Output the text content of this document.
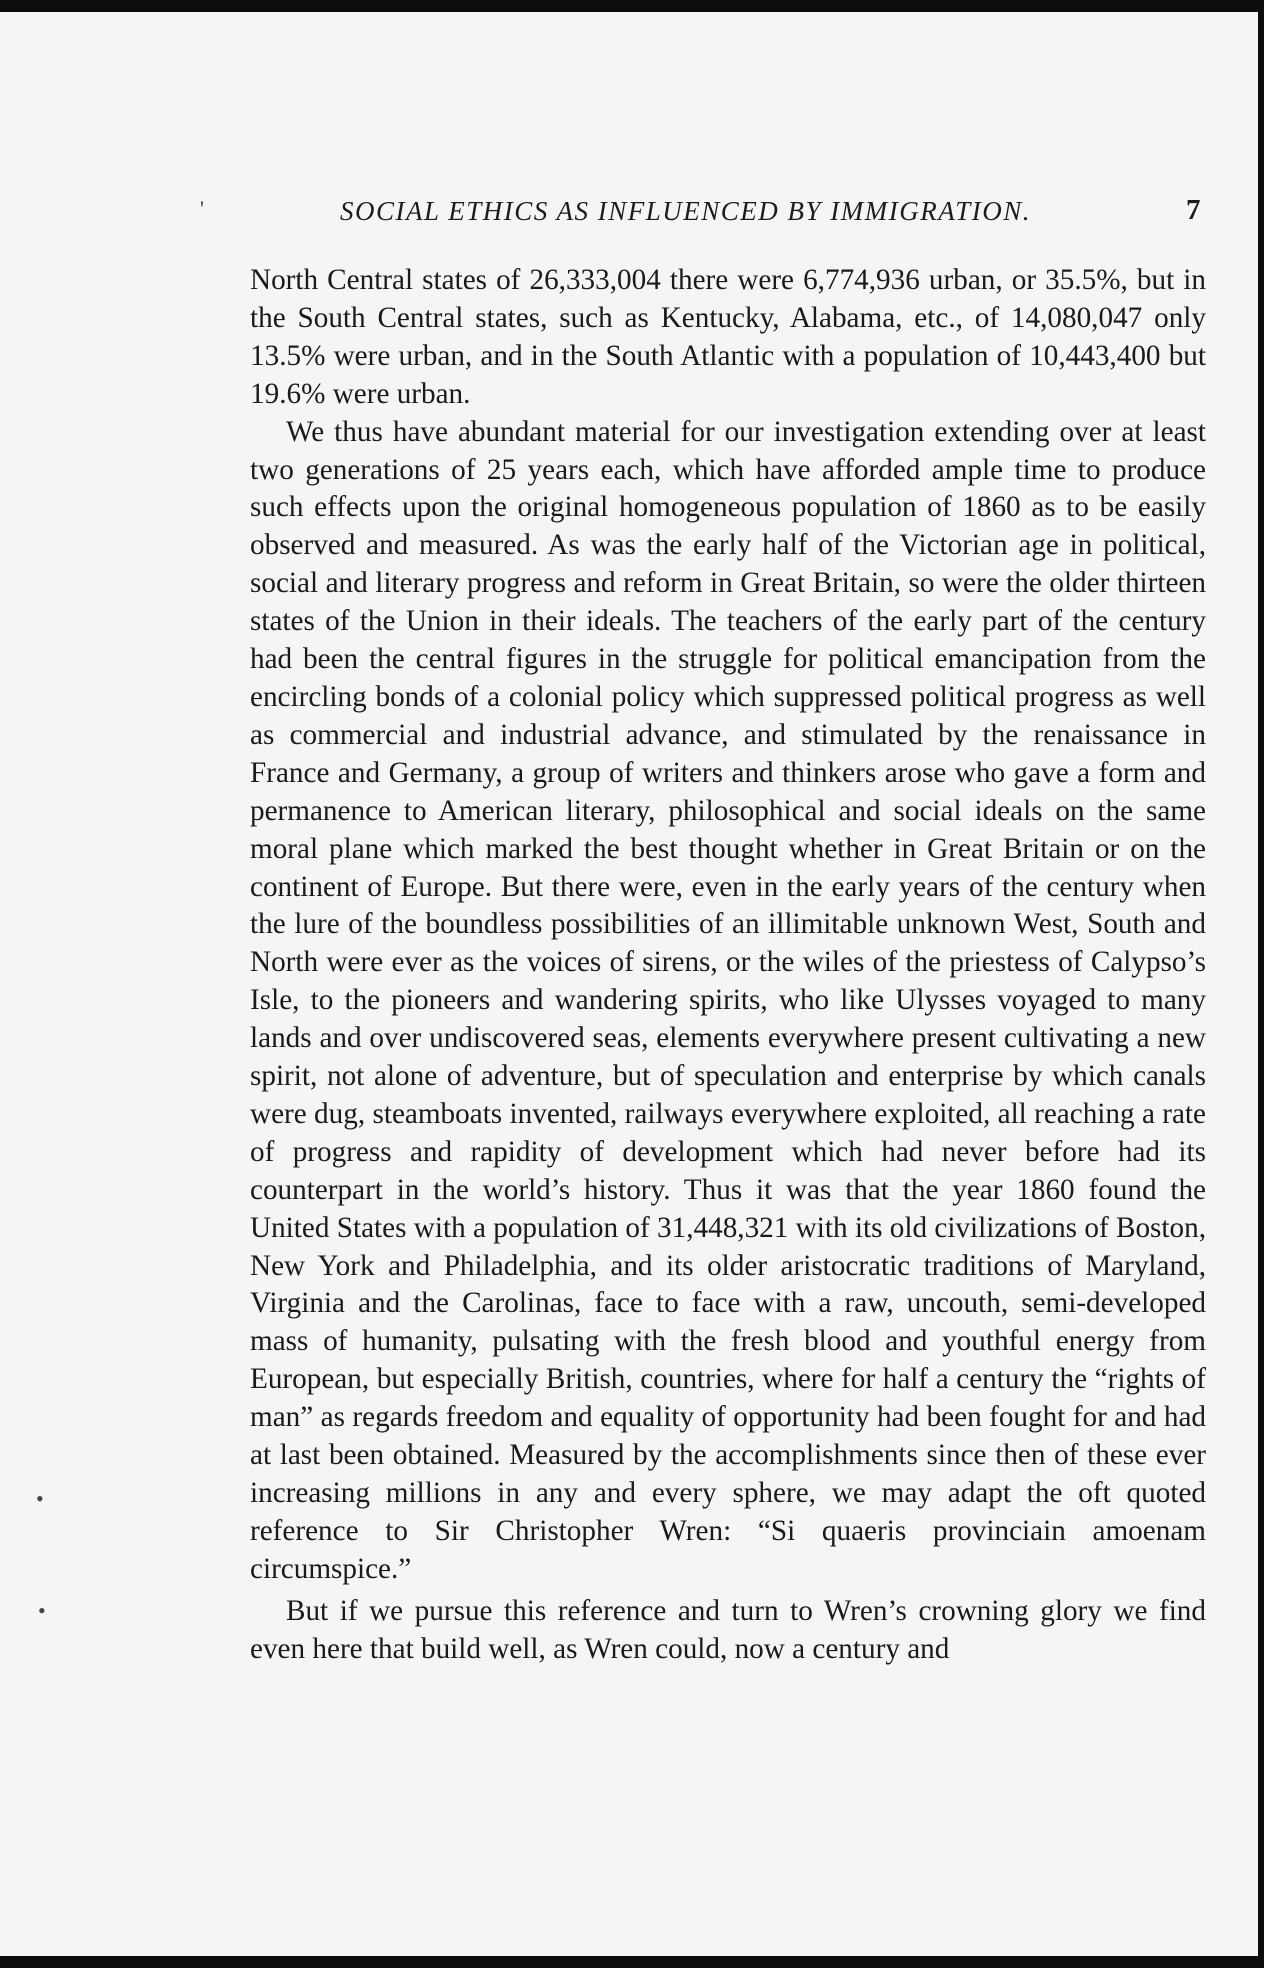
'
•
•
SOCIAL ETHICS AS INFLUENCED BY IMMIGRATION.	7

North Central states of 26,333,004 there were 6,774,936 urban, or 35.5%, but in the South Central states, such as Kentucky, Alabama, etc., of 14,080,047 only 13.5% were urban, and in the South Atlantic with a population of 10,443,400 but 19.6% were urban.

We thus have abundant material for our investigation extending over at least two generations of 25 years each, which have afforded ample time to produce such effects upon the original homogeneous population of 1860 as to be easily observed and measured. As was the early half of the Victorian age in political, social and literary progress and reform in Great Britain, so were the older thirteen states of the Union in their ideals. The teachers of the early part of the century had been the central figures in the struggle for political emancipation from the encircling bonds of a colonial policy which suppressed political progress as well as commercial and industrial advance, and stimulated by the renaissance in France and Germany, a group of writers and thinkers arose who gave a form and permanence to American literary, philosophical and social ideals on the same moral plane which marked the best thought whether in Great Britain or on the continent of Europe. But there were, even in the early years of the century when the lure of the boundless possibilities of an illimitable unknown West, South and North were ever as the voices of sirens, or the wiles of the priestess of Calypso’s Isle, to the pioneers and wandering spirits, who like Ulysses voyaged to many lands and over undiscovered seas, elements everywhere present cultivating a new spirit, not alone of adventure, but of speculation and enterprise by which canals were dug, steamboats invented, railways everywhere exploited, all reaching a rate of progress and rapidity of development which had never before had its counterpart in the world’s history. Thus it was that the year 1860 found the United States with a population of 31,448,321 with its old civilizations of Boston, New York and Philadelphia, and its older aristocratic traditions of Maryland, Virginia and the Carolinas, face to face with a raw, uncouth, semi-developed mass of humanity, pulsating with the fresh blood and youthful energy from European, but especially British, countries, where for half a century the “rights of man” as regards freedom and equality of opportunity had been fought for and had at last been obtained. Measured by the accomplishments since then of these ever increasing millions in any and every sphere, we may adapt the oft quoted reference to Sir Christopher Wren: “Si quaeris provinciain amoenam circumspice.”

But if we pursue this reference and turn to Wren’s crowning glory we find even here that build well, as Wren could, now a century and
